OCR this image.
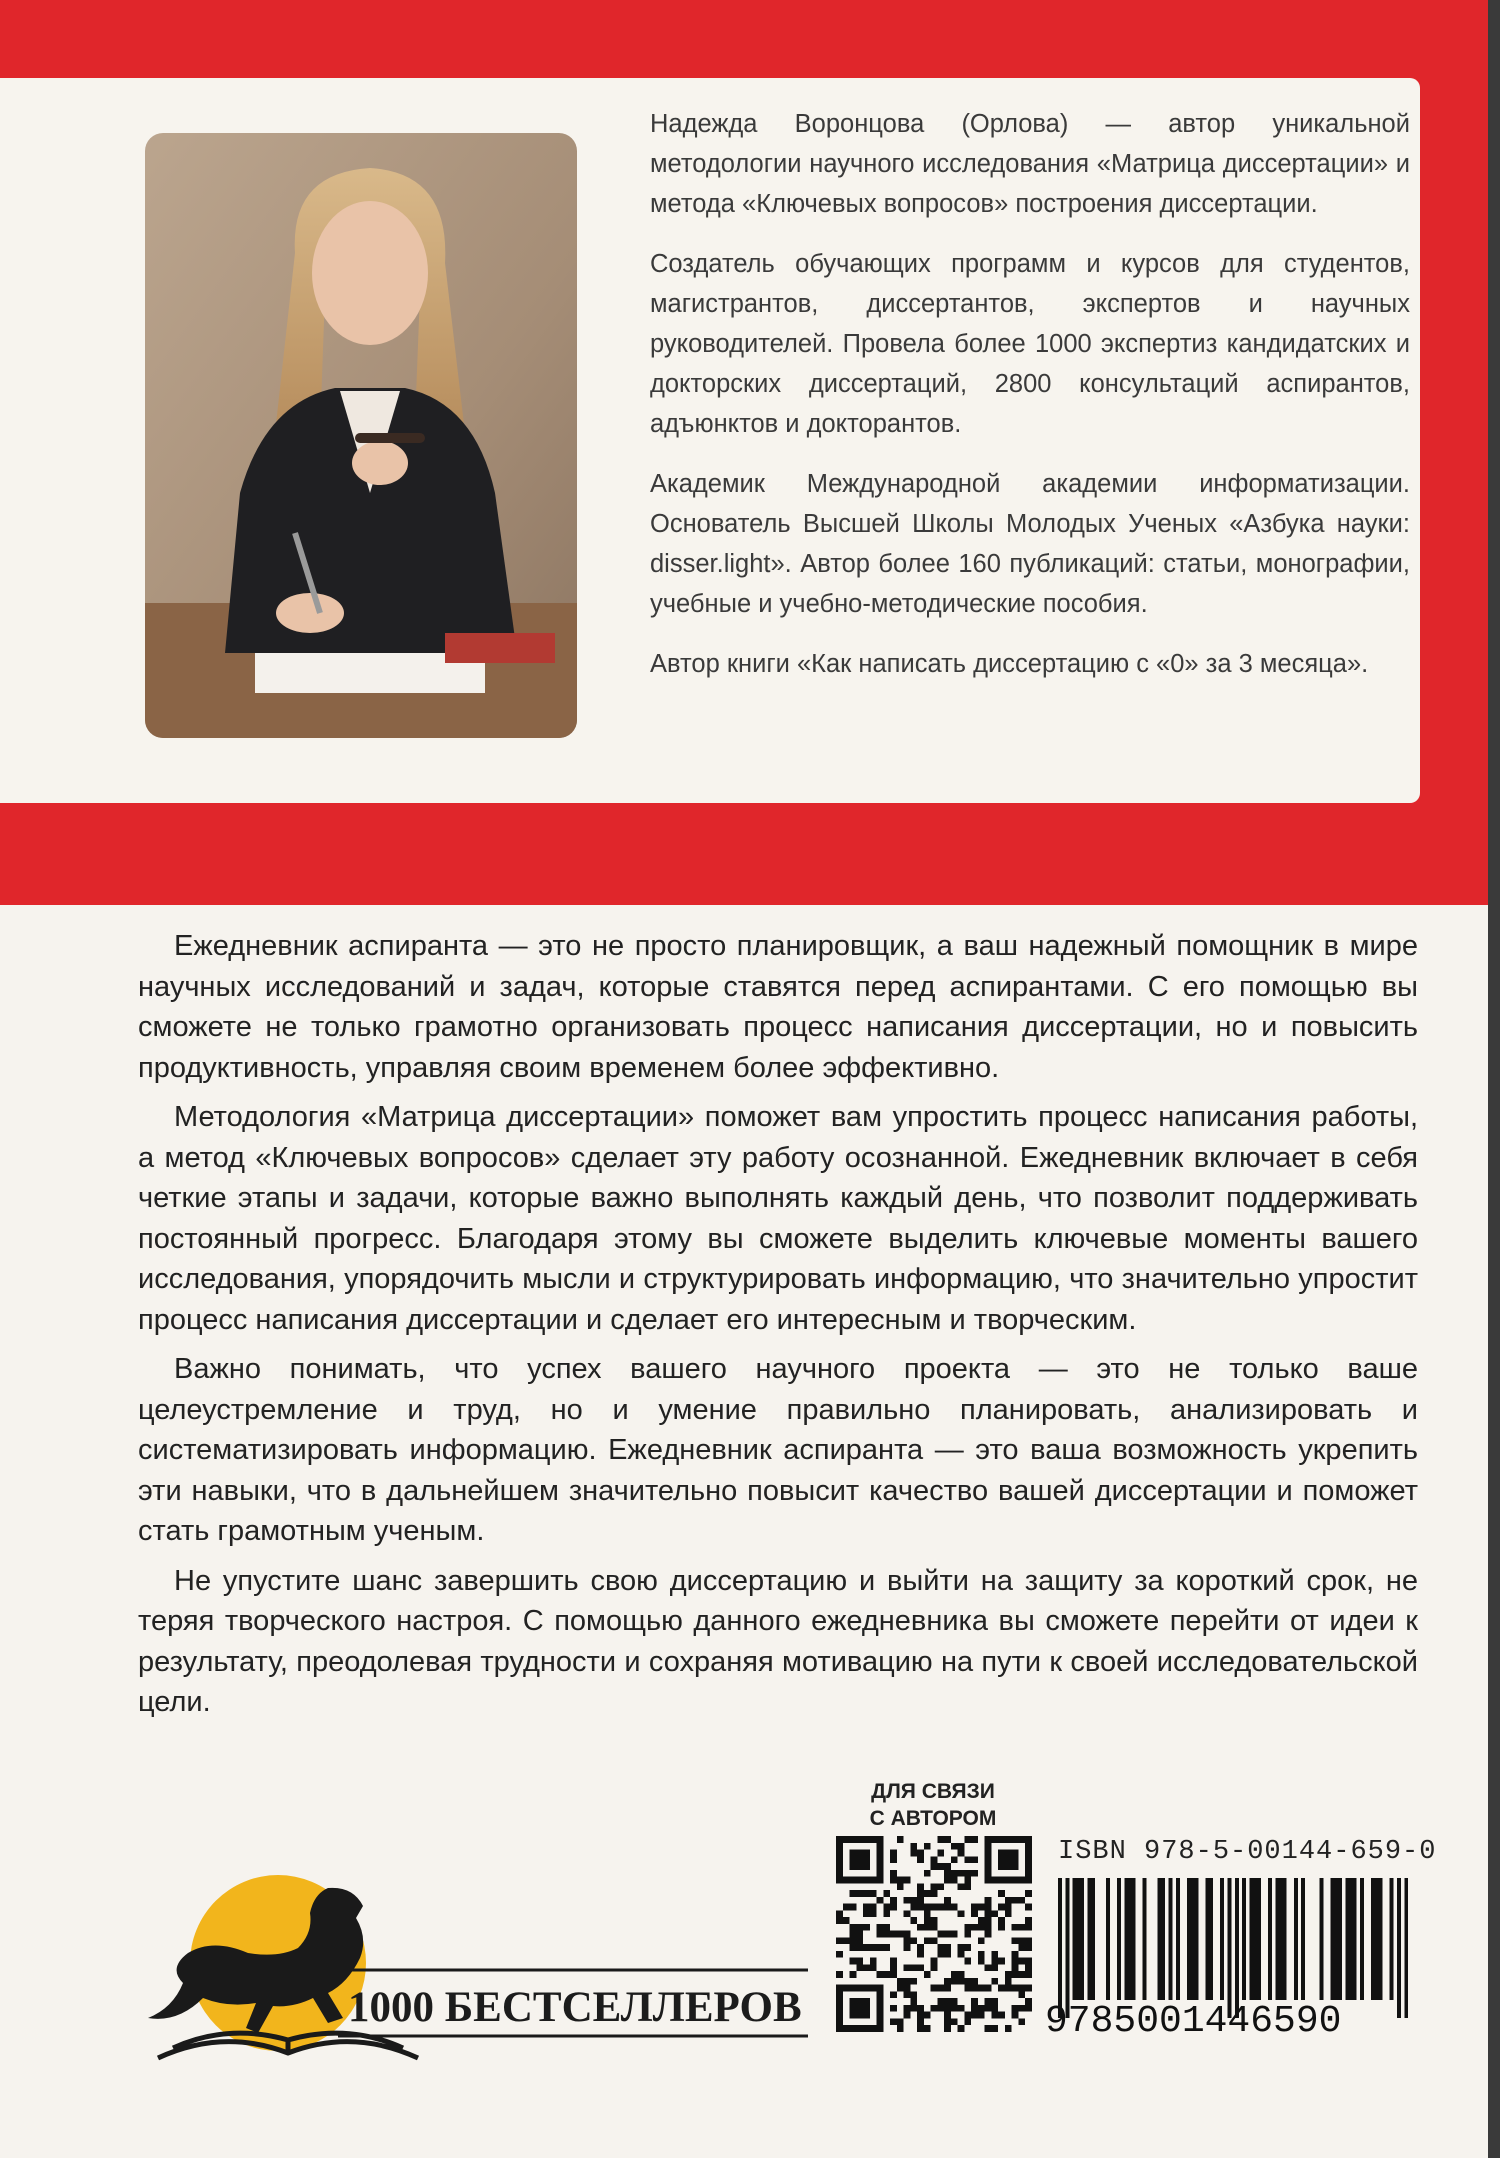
Надежда Воронцова (Орлова) — автор уникальной методологии научного исследования «Матрица диссертации» и метода «Ключевых вопросов» построения диссертации.

Создатель обучающих программ и курсов для студентов, магистрантов, диссертантов, экспертов и научных руководителей. Провела более 1000 экспертиз кандидатских и докторских диссертаций, 2800 консультаций аспирантов, адъюнктов и докторантов.

Академик Международной академии информатизации. Основатель Высшей Школы Молодых Ученых «Азбука науки: disser.light». Автор более 160 публикаций: статьи, монографии, учебные и учебно-методические пособия.

Автор книги «Как написать диссертацию с «0» за 3 месяца».

Ежедневник аспиранта — это не просто планировщик, а ваш надежный помощник в мире научных исследований и задач, которые ставятся перед аспирантами. С его помощью вы сможете не только грамотно организовать процесс написания диссертации, но и повысить продуктивность, управляя своим временем более эффективно.

Методология «Матрица диссертации» поможет вам упростить процесс написания работы, а метод «Ключевых вопросов» сделает эту работу осознанной. Ежедневник включает в себя четкие этапы и задачи, которые важно выполнять каждый день, что позволит поддерживать постоянный прогресс. Благодаря этому вы сможете выделить ключевые моменты вашего исследования, упорядочить мысли и структурировать информацию, что значительно упростит процесс написания диссертации и сделает его интересным и творческим.

Важно понимать, что успех вашего научного проекта — это не только ваше целеустремление и труд, но и умение правильно планировать, анализировать и систематизировать информацию. Ежедневник аспиранта — это ваша возможность укрепить эти навыки, что в дальнейшем значительно повысит качество вашей диссертации и поможет стать грамотным ученым.

Не упустите шанс завершить свою диссертацию и выйти на защиту за короткий срок, не теряя творческого настроя. С помощью данного ежедневника вы сможете перейти от идеи к результату, преодолевая трудности и сохраняя мотивацию на пути к своей исследовательской цели.

1000 БЕСТСЕЛЛЕРОВ
ДЛЯ СВЯЗИ
С АВТОРОМ
ISBN 978-5-00144-659-0
9785001446590
